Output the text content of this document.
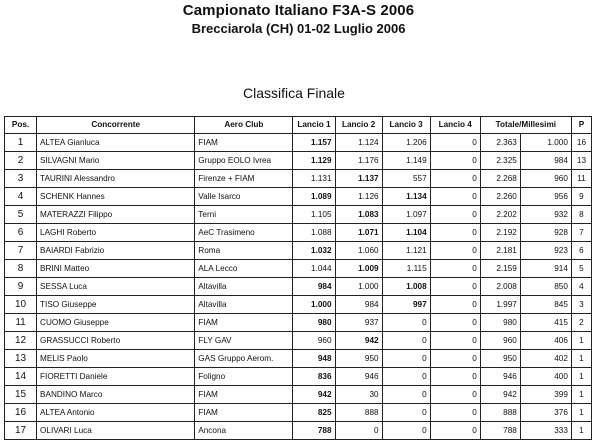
Campionato Italiano F3A-S 2006
Brecciarola (CH) 01-02 Luglio 2006
Classifica Finale
Pos.	Concorrente	Aero Club	Lancio 1	Lancio 2	Lancio 3	Lancio 4	Totale/Millesimi		P
1	ALTEA Gianluca	FIAM	1.157	1.124	1.206	0	2.363	1.000	16
2	SILVAGNI Mario	Gruppo EOLO Ivrea	1.129	1.176	1.149	0	2.325	984	13
3	TAURINI Alessandro	Firenze + FIAM	1.131	1.137	557	0	2.268	960	11
4	SCHENK Hannes	Valle Isarco	1.089	1.126	1.134	0	2.260	956	9
5	MATERAZZI Filippo	Terni	1.105	1.083	1.097	0	2.202	932	8
6	LAGHI Roberto	AeC Trasimeno	1.088	1.071	1.104	0	2.192	928	7
7	BAIARDI Fabrizio	Roma	1.032	1.060	1.121	0	2.181	923	6
8	BRINI Matteo	ALA Lecco	1.044	1.009	1.115	0	2.159	914	5
9	SESSA Luca	Altavilla	984	1.000	1.008	0	2.008	850	4
10	TISO Giuseppe	Altavilla	1.000	984	997	0	1.997	845	3
11	CUOMO Giuseppe	FIAM	980	937	0	0	980	415	2
12	GRASSUCCI Roberto	FLY GAV	960	942	0	0	960	406	1
13	MELIS Paolo	GAS Gruppo Aerom.	948	950	0	0	950	402	1
14	FIORETTI Daniele	Foligno	836	946	0	0	946	400	1
15	BANDINO Marco	FIAM	942	30	0	0	942	399	1
16	ALTEA Antonio	FIAM	825	888	0	0	888	376	1
17	OLIVARI Luca	Ancona	788	0	0	0	788	333	1
